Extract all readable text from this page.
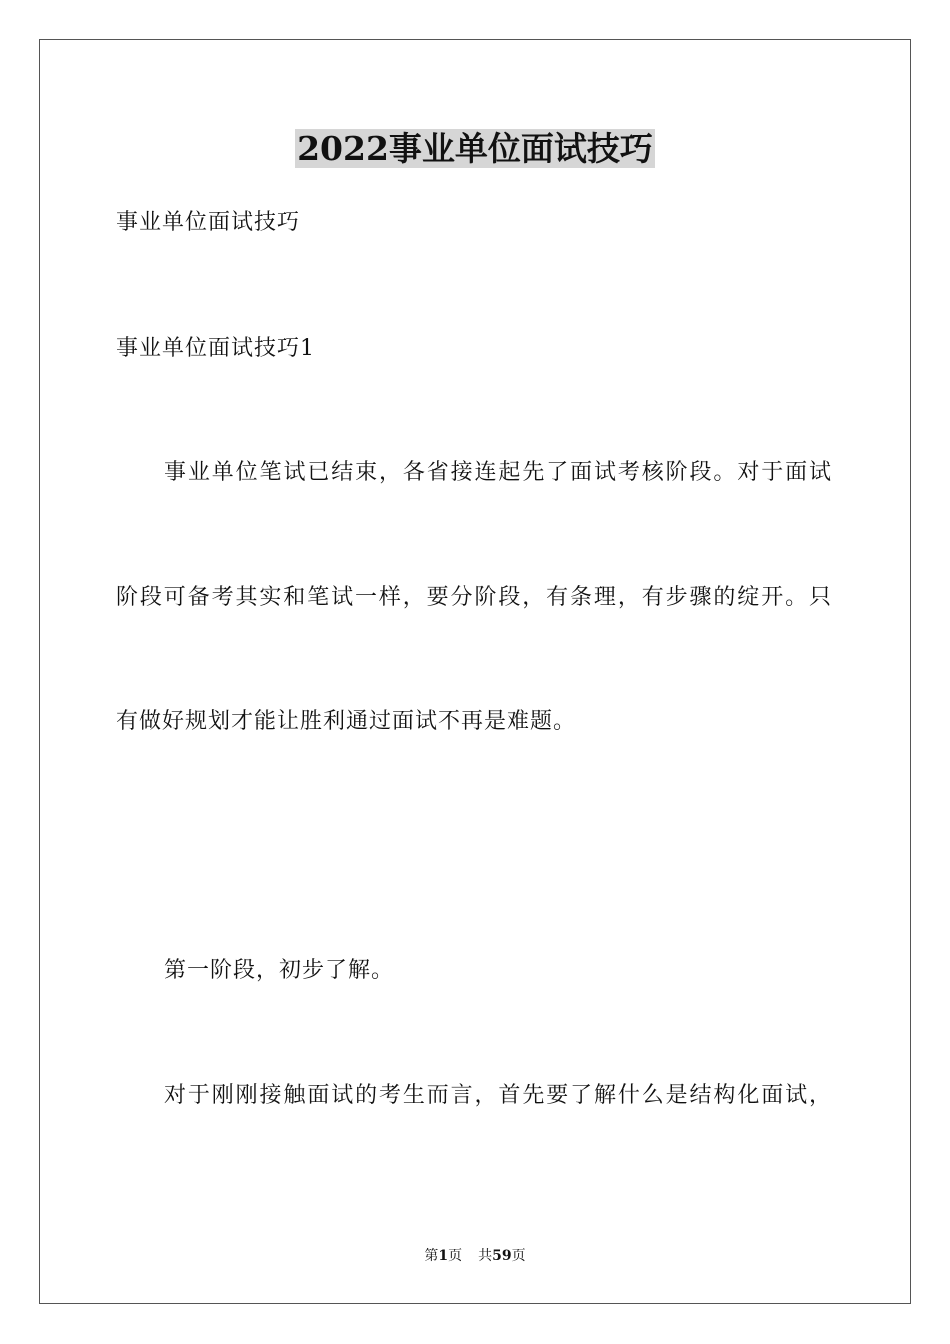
2022事业单位面试技巧
事业单位面试技巧
事业单位面试技巧1
事业单位笔试已结束，各省接连起先了面试考核阶段。对于面试
阶段可备考其实和笔试一样，要分阶段，有条理，有步骤的绽开。只
有做好规划才能让胜利通过面试不再是难题。
第一阶段，初步了解。
对于刚刚接触面试的考生而言，首先要了解什么是结构化面试，
第1页 共59页
